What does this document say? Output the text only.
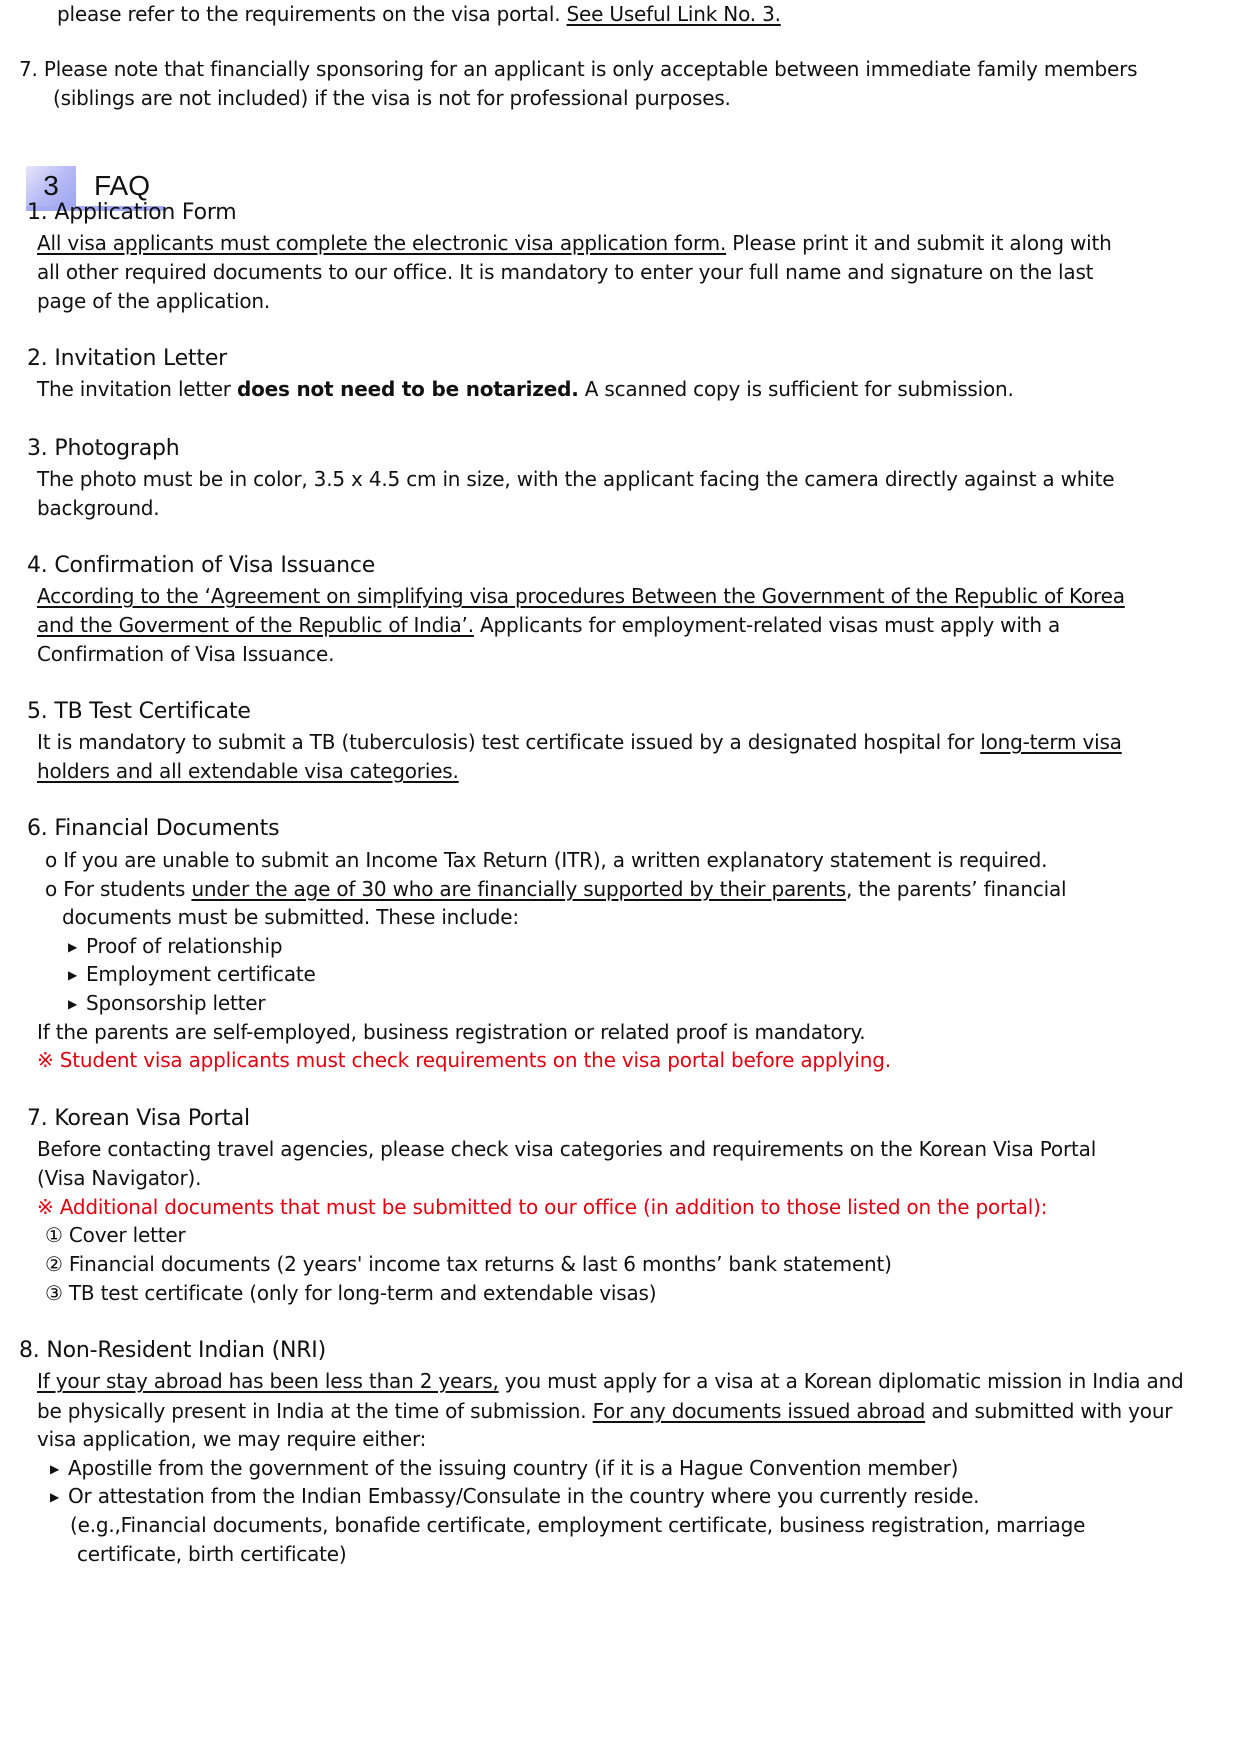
please refer to the requirements on the visa portal. See Useful Link No. 3.
7. Please note that financially sponsoring for an applicant is only acceptable between immediate family members
(siblings are not included) if the visa is not for professional purposes.
3	FAQ
1. Application Form
All visa applicants must complete the electronic visa application form. Please print it and submit it along with
all other required documents to our office. It is mandatory to enter your full name and signature on the last
page of the application.
2. Invitation Letter
The invitation letter does not need to be notarized. A scanned copy is sufficient for submission.
3. Photograph
The photo must be in color, 3.5 x 4.5 cm in size, with the applicant facing the camera directly against a white
background.
4. Confirmation of Visa Issuance
According to the ‘Agreement on simplifying visa procedures Between the Government of the Republic of Korea
and the Goverment of the Republic of India’. Applicants for employment-related visas must apply with a
Confirmation of Visa Issuance.
5. TB Test Certificate
It is mandatory to submit a TB (tuberculosis) test certificate issued by a designated hospital for long-term visa
holders and all extendable visa categories.
6. Financial Documents
o If you are unable to submit an Income Tax Return (ITR), a written explanatory statement is required.
o For students under the age of 30 who are financially supported by their parents, the parents’ financial
documents must be submitted. These include:
▶ Proof of relationship
▶ Employment certificate
▶ Sponsorship letter
If the parents are self-employed, business registration or related proof is mandatory.
※ Student visa applicants must check requirements on the visa portal before applying.
7. Korean Visa Portal
Before contacting travel agencies, please check visa categories and requirements on the Korean Visa Portal
(Visa Navigator).
※ Additional documents that must be submitted to our office (in addition to those listed on the portal):
① Cover letter
② Financial documents (2 years' income tax returns & last 6 months’ bank statement)
③ TB test certificate (only for long-term and extendable visas)
8. Non-Resident Indian (NRI)
If your stay abroad has been less than 2 years, you must apply for a visa at a Korean diplomatic mission in India and
be physically present in India at the time of submission. For any documents issued abroad and submitted with your
visa application, we may require either:
▶ Apostille from the government of the issuing country (if it is a Hague Convention member)
▶ Or attestation from the Indian Embassy/Consulate in the country where you currently reside.
(e.g.,Financial documents, bonafide certificate, employment certificate, business registration, marriage
certificate, birth certificate)
